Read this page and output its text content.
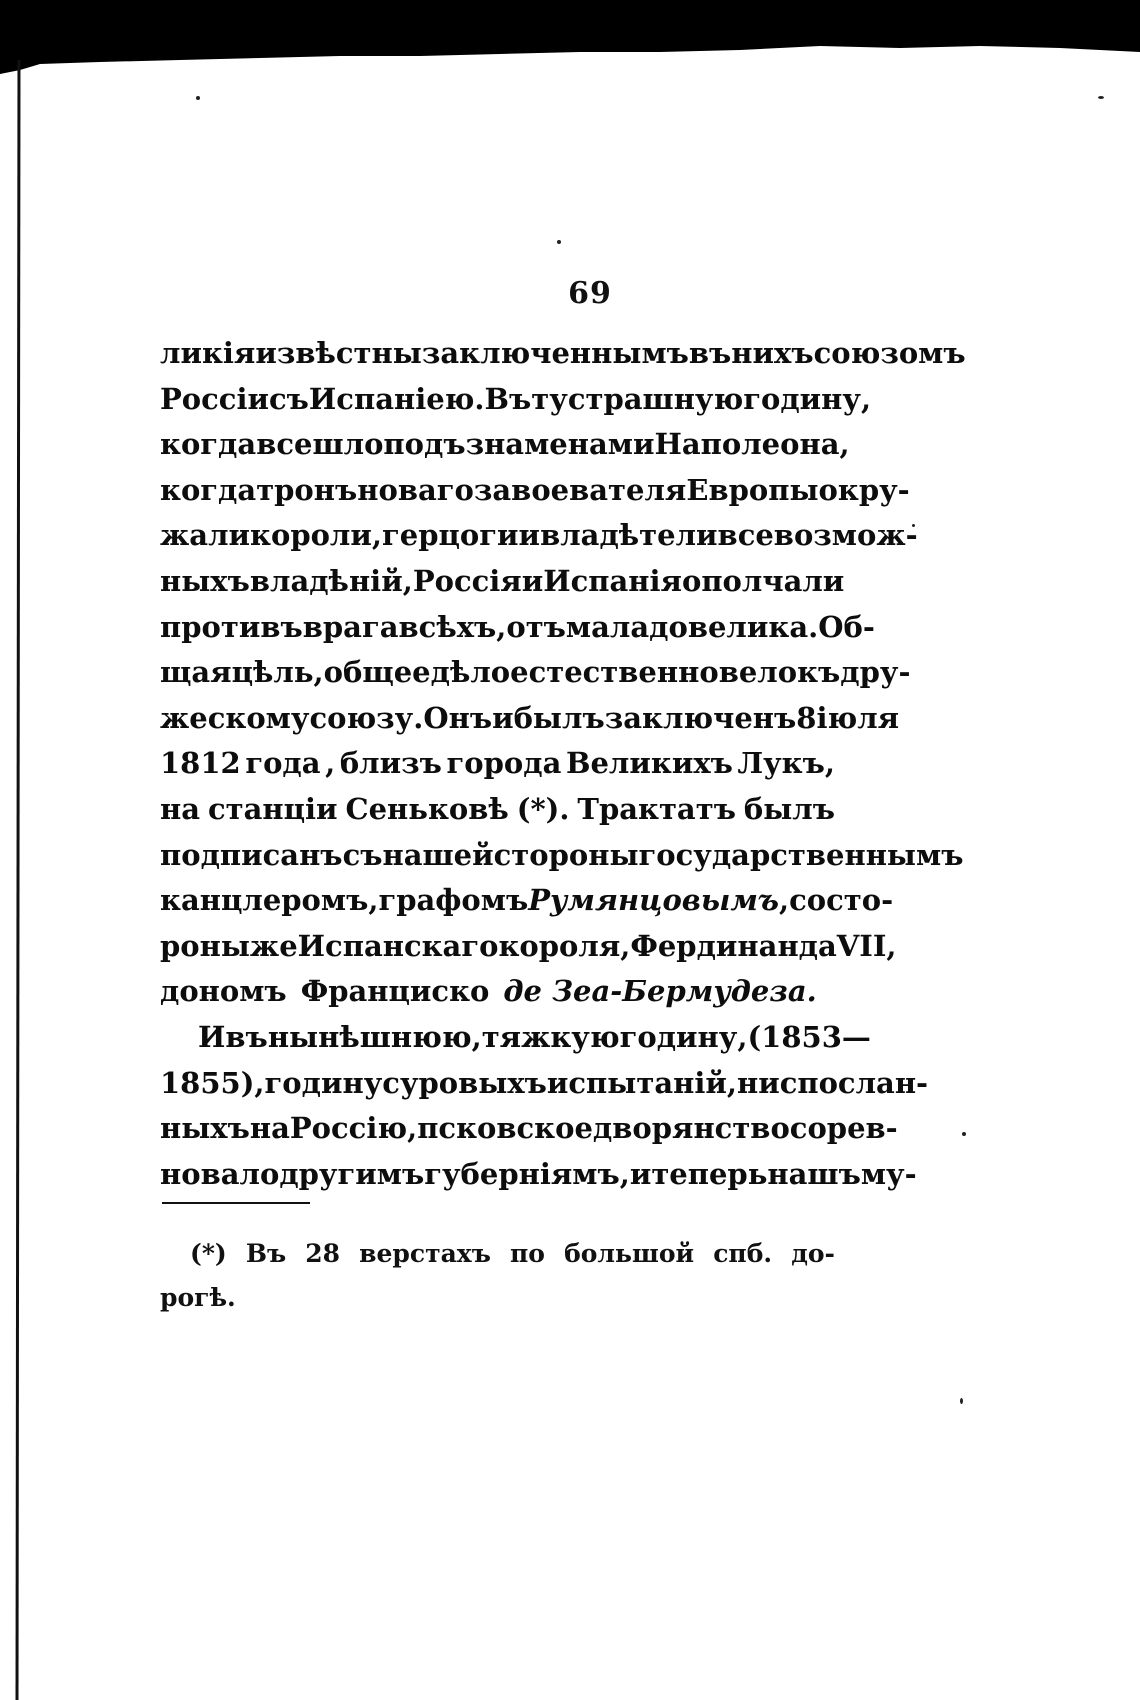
69
ликія извѣстны заключеннымъ въ нихъ союзомъ
Россіи съ Испаніею. Въ ту страшную годину,
когда все шло подъ знаменами Наполеона,
когда тронъ новаго завоевателя Европы окру-
жали короли, герцоги и владѣтели всевозмож-
ныхъ владѣній, Россія и Испанія ополчали
противъ врага всѣхъ, отъ мала до велика. Об-
щая цѣль, общее дѣло естественно вело къ дру-
жескому союзу. Онъ и былъ заключенъ 8 іюля
1812 года , близъ города Великихъ Лукъ,
на станціи Сеньковѣ (*). Трактатъ былъ
подписанъ съ нашей стороны государственнымъ
канцлеромъ, графомъ Румянцовымъ , со сто-
роны же Испанскаго короля, Фердинанда VII,
дономъ Франциско де Зеа-Бермудеза.
И въ нынѣшнюю, тяжкую годину, (1853—
1855), годину суровыхъ испытаній, ниспослан-
ныхъ на Россію, псковское дворянство сорев-
новало другимъ губерніямъ, и теперь нашъ му-
(*) Въ 28 верстахъ по большой спб. до-
рогѣ.
